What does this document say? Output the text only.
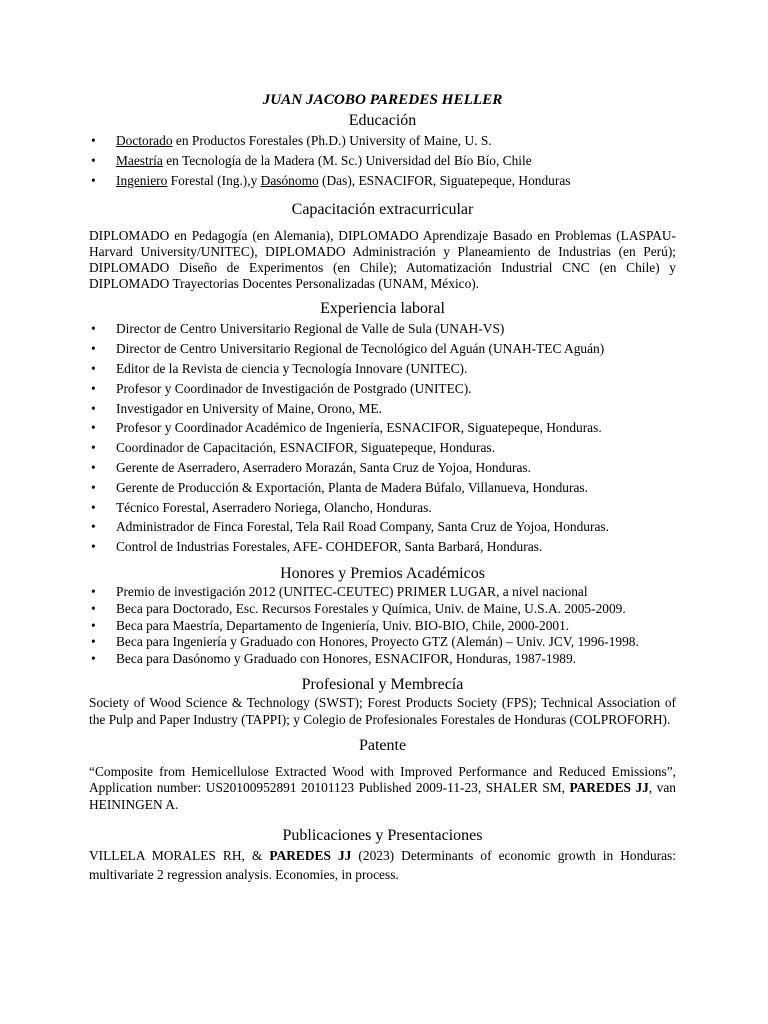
JUAN JACOBO PAREDES HELLER
Educación
• Doctorado en Productos Forestales (Ph.D.) University of Maine, U. S.
• Maestría en Tecnología de la Madera (M. Sc.) Universidad del Bío Bío, Chile
• Ingeniero Forestal (Ing.),y Dasónomo (Das), ESNACIFOR, Siguatepeque, Honduras
Capacitación extracurricular

DIPLOMADO en Pedagogía (en Alemania), DIPLOMADO Aprendizaje Basado en Problemas (LASPAU-Harvard University/UNITEC), DIPLOMADO Administración y Planeamiento de Industrias (en Perú); DIPLOMADO Diseño de Experimentos (en Chile); Automatización Industrial CNC (en Chile) y DIPLOMADO Trayectorias Docentes Personalizadas (UNAM, México).

Experiencia laboral
• Director de Centro Universitario Regional de Valle de Sula (UNAH-VS)
• Director de Centro Universitario Regional de Tecnológico del Aguán (UNAH-TEC Aguán)
• Editor de la Revista de ciencia y Tecnología Innovare (UNITEC).
• Profesor y Coordinador de Investigación de Postgrado (UNITEC).
• Investigador en University of Maine, Orono, ME.
• Profesor y Coordinador Académico de Ingeniería, ESNACIFOR, Siguatepeque, Honduras.
• Coordinador de Capacitación, ESNACIFOR, Siguatepeque, Honduras.
• Gerente de Aserradero, Aserradero Morazán, Santa Cruz de Yojoa, Honduras.
• Gerente de Producción & Exportación, Planta de Madera Búfalo, Villanueva, Honduras.
• Técnico Forestal, Aserradero Noriega, Olancho, Honduras.
• Administrador de Finca Forestal, Tela Rail Road Company, Santa Cruz de Yojoa, Honduras.
• Control de Industrias Forestales, AFE- COHDEFOR, Santa Barbará, Honduras.
Honores y Premios Académicos
• Premio de investigación 2012 (UNITEC-CEUTEC) PRIMER LUGAR, a nivel nacional
• Beca para Doctorado, Esc. Recursos Forestales y Química, Univ. de Maine, U.S.A. 2005-2009.
• Beca para Maestría, Departamento de Ingeniería, Univ. BIO-BIO, Chile, 2000-2001.
• Beca para Ingeniería y Graduado con Honores, Proyecto GTZ (Alemán) – Univ. JCV, 1996-1998.
• Beca para Dasónomo y Graduado con Honores, ESNACIFOR, Honduras, 1987-1989.
Profesional y Membrecía

Society of Wood Science & Technology (SWST); Forest Products Society (FPS); Technical Association of the Pulp and Paper Industry (TAPPI); y Colegio de Profesionales Forestales de Honduras (COLPROFORH).

Patente

“Composite from Hemicellulose Extracted Wood with Improved Performance and Reduced Emissions”, Application number: US20100952891 20101123 Published 2009-11-23, SHALER SM, PAREDES JJ, van HEININGEN A.

Publicaciones y Presentaciones

VILLELA MORALES RH, & PAREDES JJ (2023) Determinants of economic growth in Honduras: multivariate 2 regression analysis. Economies, in process.
